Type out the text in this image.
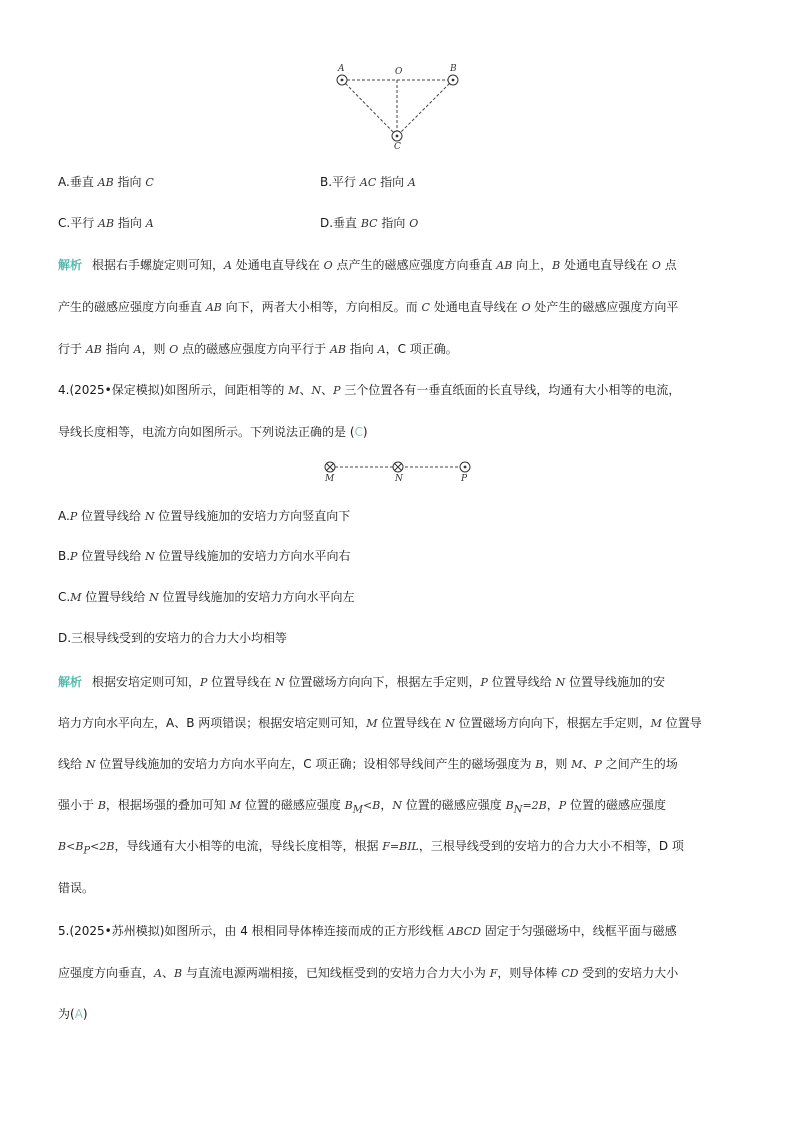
A	O	B
C
A.垂直 AB 指向 C	B.平行 AC 指向 A
C.平行 AB 指向 A	D.垂直 BC 指向 O
解析 根据右手螺旋定则可知，A 处通电直导线在 O 点产生的磁感应强度方向垂直 AB 向上，B 处通电直导线在 O 点
产生的磁感应强度方向垂直 AB 向下，两者大小相等，方向相反。而 C 处通电直导线在 O 处产生的磁感应强度方向平
行于 AB 指向 A，则 O 点的磁感应强度方向平行于 AB 指向 A，C 项正确。
4.(2025•保定模拟)如图所示，间距相等的 M、N、P 三个位置各有一垂直纸面的长直导线，均通有大小相等的电流，
导线长度相等，电流方向如图所示。下列说法正确的是 (C)
M	N	P
A.P 位置导线给 N 位置导线施加的安培力方向竖直向下
B.P 位置导线给 N 位置导线施加的安培力方向水平向右
C.M 位置导线给 N 位置导线施加的安培力方向水平向左
D.三根导线受到的安培力的合力大小均相等
解析 根据安培定则可知，P 位置导线在 N 位置磁场方向向下，根据左手定则，P 位置导线给 N 位置导线施加的安
培力方向水平向左，A、B 两项错误；根据安培定则可知，M 位置导线在 N 位置磁场方向向下，根据左手定则，M 位置导
线给 N 位置导线施加的安培力方向水平向左，C 项正确；设相邻导线间产生的磁场强度为 B，则 M、P 之间产生的场
强小于 B，根据场强的叠加可知 M 位置的磁感应强度 $B_M<B$，N 位置的磁感应强度 $B_N=2B$，P 位置的磁感应强度
$B<B_P<2B$，导线通有大小相等的电流，导线长度相等，根据 F=BIL，三根导线受到的安培力的合力大小不相等，D 项
错误。
5.(2025•苏州模拟)如图所示，由 4 根相同导体棒连接而成的正方形线框 ABCD 固定于匀强磁场中，线框平面与磁感
应强度方向垂直，A、B 与直流电源两端相接，已知线框受到的安培力合力大小为 F，则导体棒 CD 受到的安培力大小
为(A)
